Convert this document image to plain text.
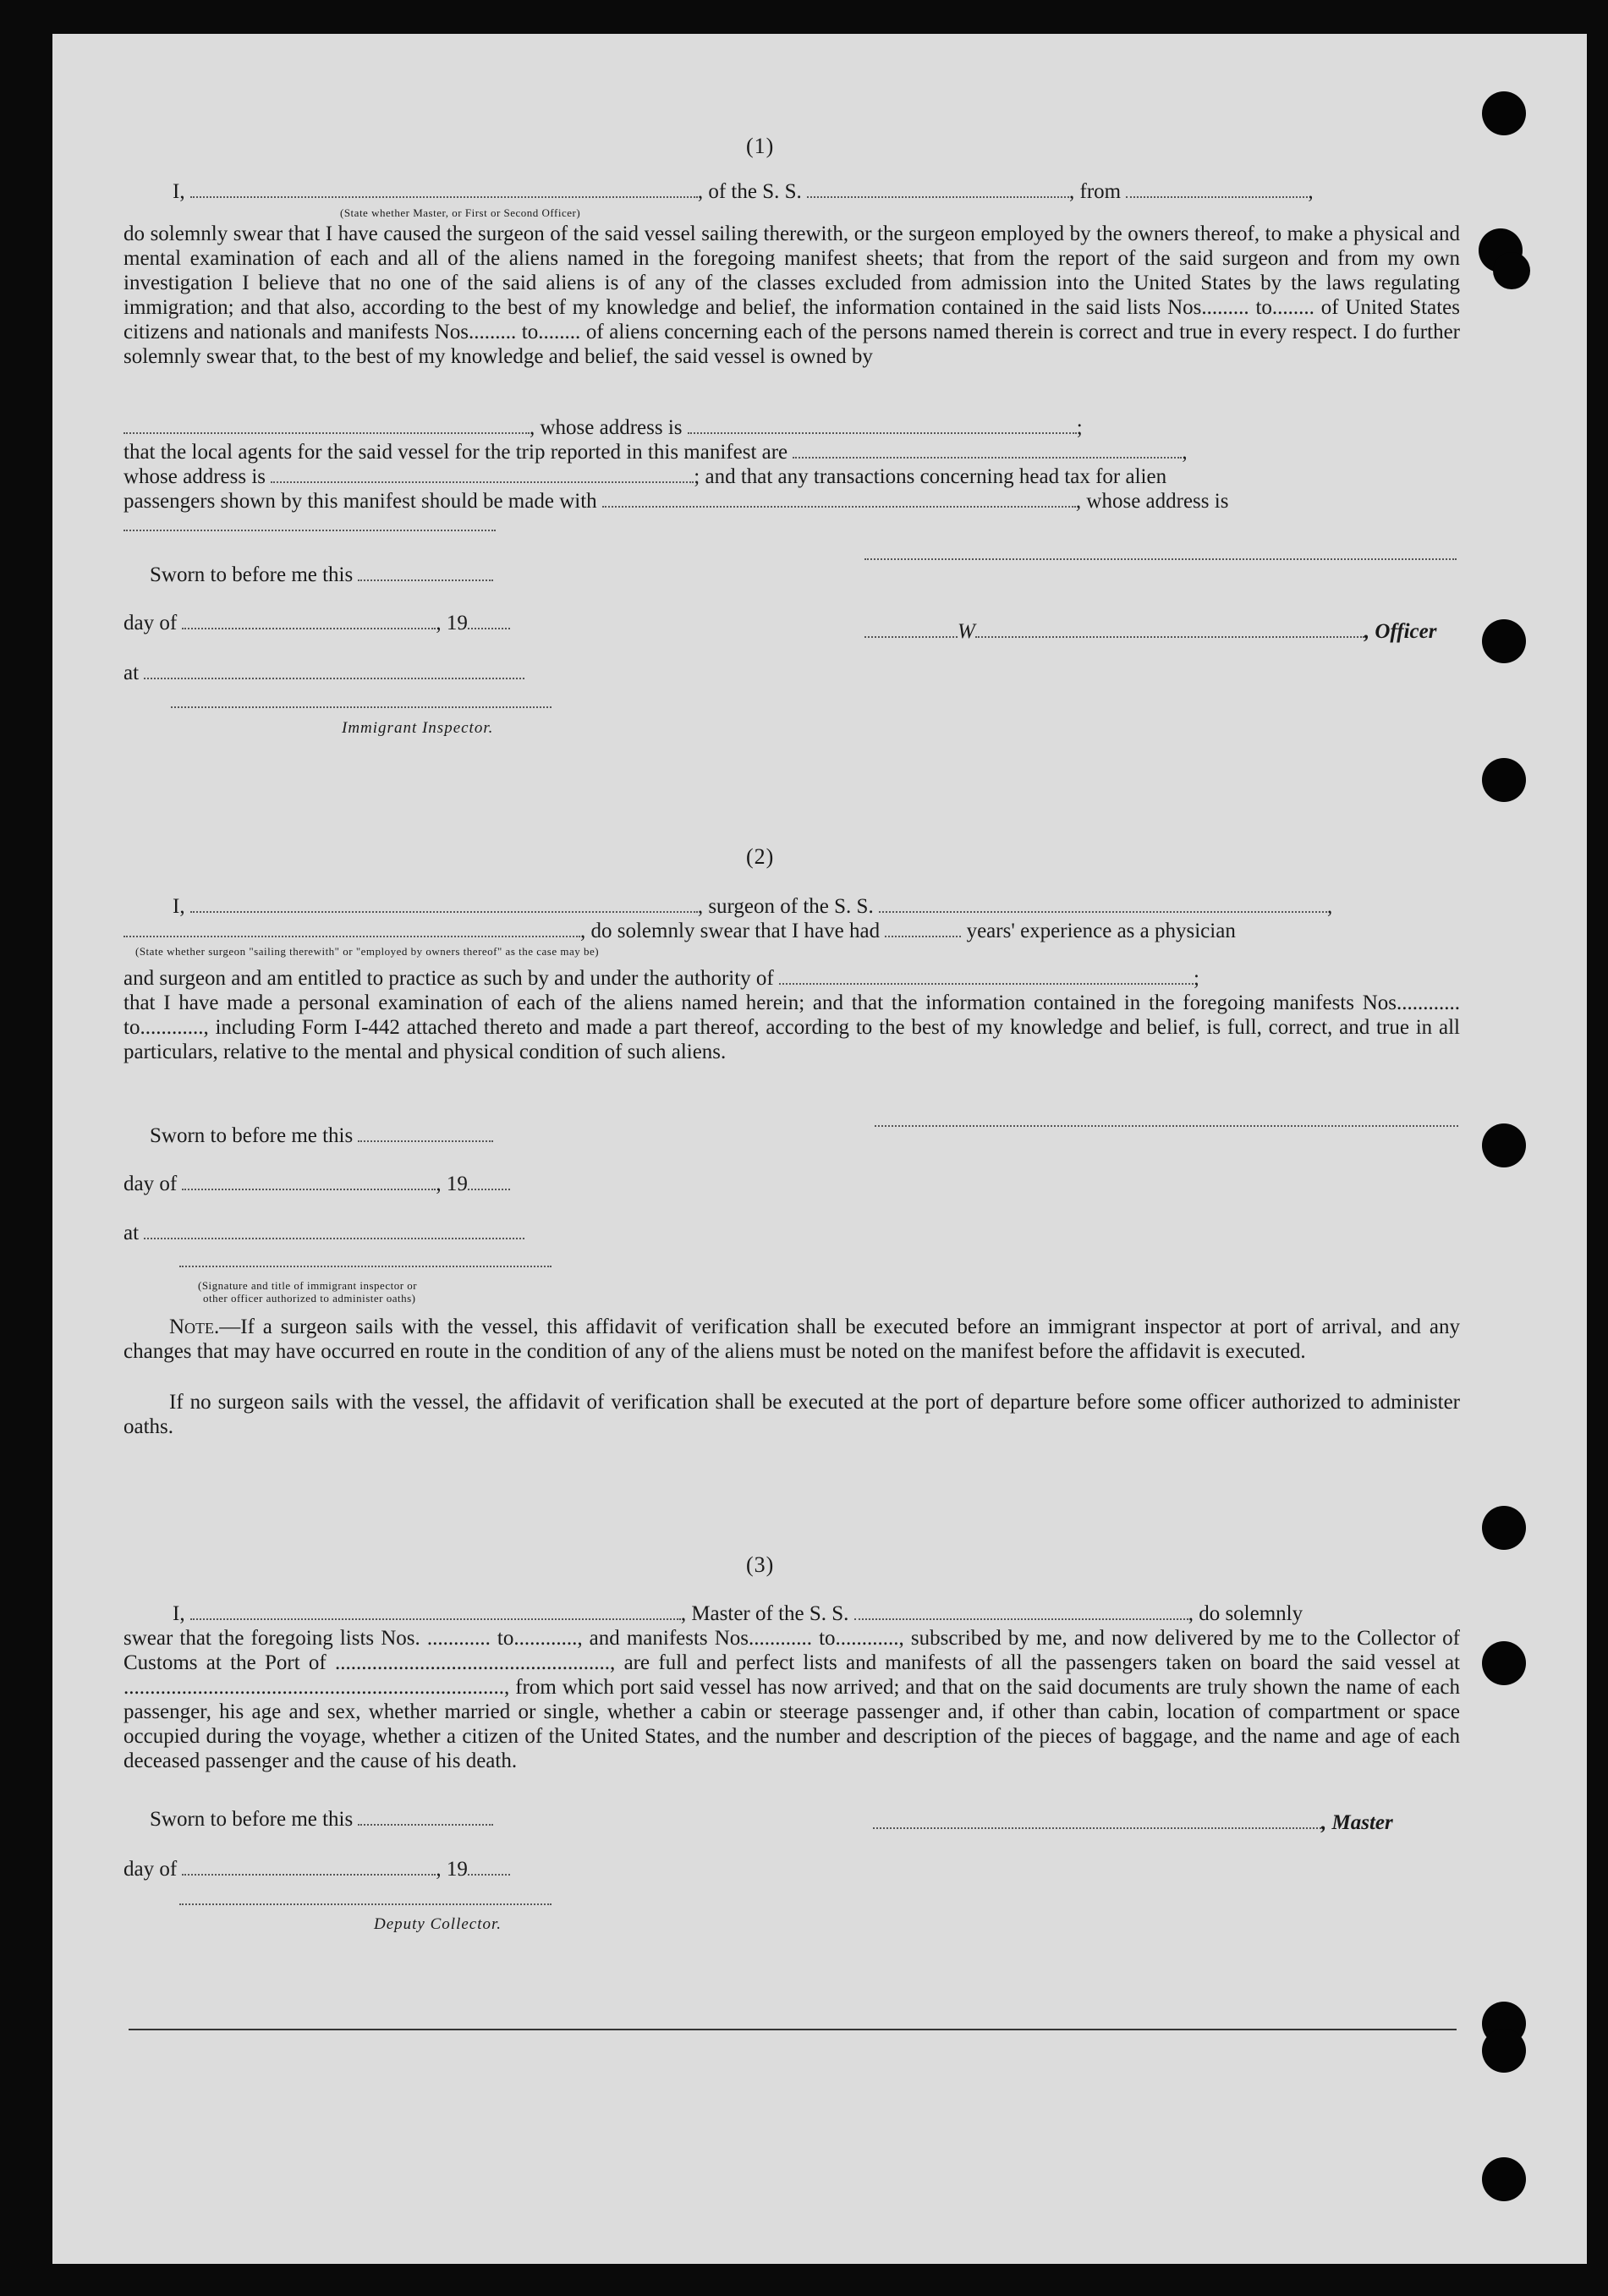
(1)
I,	, of the S. S.	, from	,
(State whether Master, or First or Second Officer)
do solemnly swear that I have caused the surgeon of the said vessel sailing therewith, or the surgeon employed by the owners thereof, to make a physical and mental examination of each and all of the aliens named in the foregoing manifest sheets; that from the report of the said surgeon and from my own investigation I believe that no one of the said aliens is of any of the classes excluded from admission into the United States by the laws regulating immigration; and that also, according to the best of my knowledge and belief, the information contained in the said lists Nos......... to........ of United States citizens and nationals and manifests Nos......... to........ of aliens concerning each of the persons named therein is correct and true in every respect. I do further solemnly swear that, to the best of my knowledge and belief, the said vessel is owned by
, whose address is	;
that the local agents for the said vessel for the trip reported in this manifest are	,
whose address is	; and that any transactions concerning head tax for alien
passengers shown by this manifest should be made with	, whose address is
Sworn to before me this
day of	, 19
at
Immigrant Inspector.
W	, Officer
(2)
I,	, surgeon of the S. S.	,
, do solemnly swear that I have had	years' experience as a physician
(State whether surgeon "sailing therewith" or "employed by owners thereof" as the case may be)
and surgeon and am entitled to practice as such by and under the authority of	;
that I have made a personal examination of each of the aliens named herein; and that the information contained in the foregoing manifests Nos............ to............, including Form I-442 attached thereto and made a part thereof, according to the best of my knowledge and belief, is full, correct, and true in all particulars, relative to the mental and physical condition of such aliens.
Sworn to before me this
day of	, 19
at
(Signature and title of immigrant inspector or
other officer authorized to administer oaths)
Note.—If a surgeon sails with the vessel, this affidavit of verification shall be executed before an immigrant inspector at port of arrival, and any changes that may have occurred en route in the condition of any of the aliens must be noted on the manifest before the affidavit is executed.
If no surgeon sails with the vessel, the affidavit of verification shall be executed at the port of departure before some officer authorized to administer oaths.
(3)
I,	, Master of the S. S.	, do solemnly
swear that the foregoing lists Nos. ............ to............, and manifests Nos............ to............, subscribed by me, and now delivered by me to the Collector of Customs at the Port of ...................................................., are full and perfect lists and manifests of all the passengers taken on board the said vessel at ........................................................................, from which port said vessel has now arrived; and that on the said documents are truly shown the name of each passenger, his age and sex, whether married or single, whether a cabin or steerage passenger and, if other than cabin, location of compartment or space occupied during the voyage, whether a citizen of the United States, and the number and description of the pieces of baggage, and the name and age of each deceased passenger and the cause of his death.
Sworn to before me this	, Master
day of	, 19
Deputy Collector.
